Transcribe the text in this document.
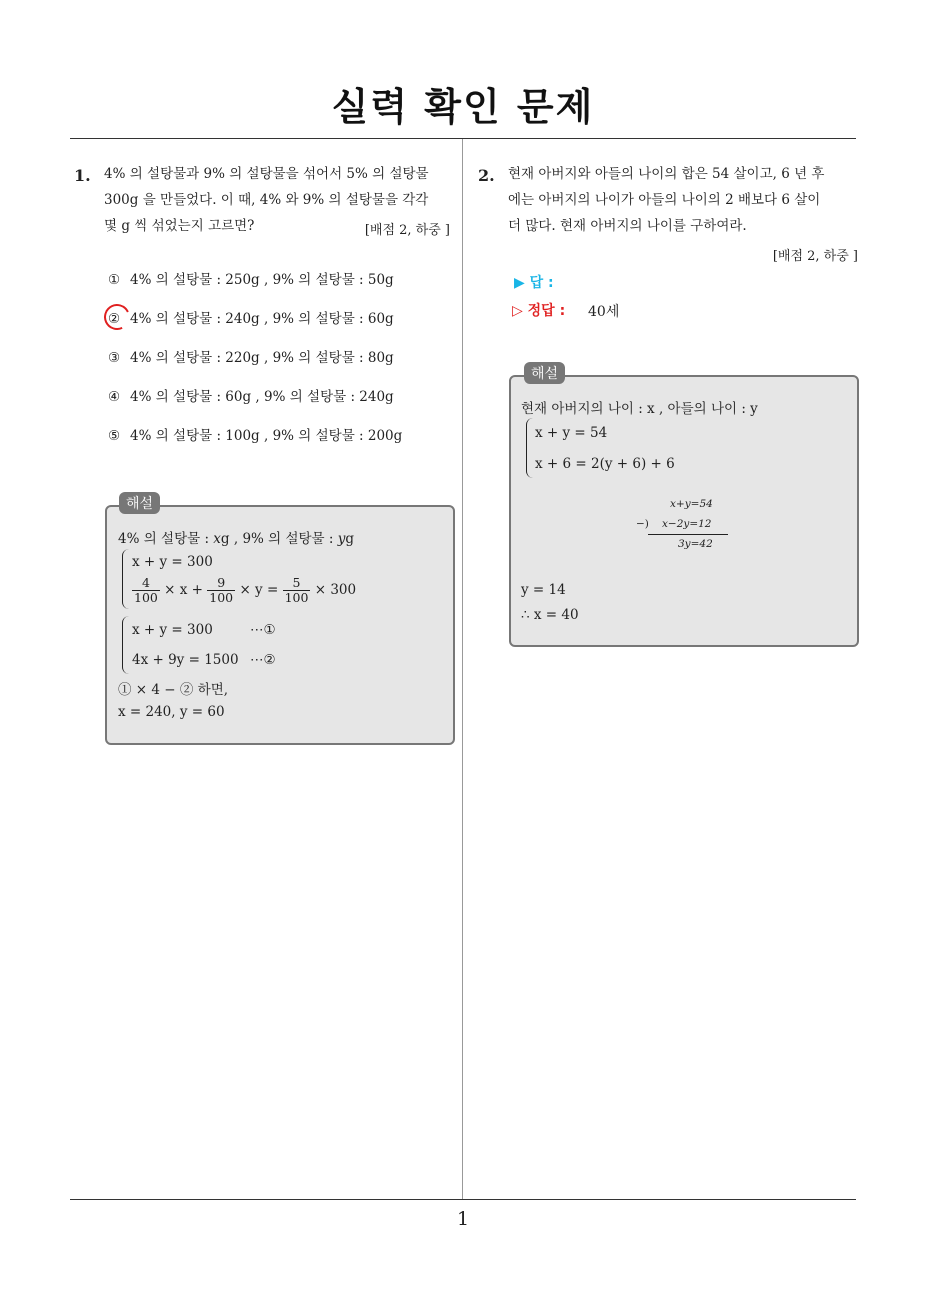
실력 확인 문제
1. 4% 의 설탕물과 9% 의 설탕물을 섞어서 5% 의 설탕물
300g 을 만들었다. 이 때, 4% 와 9% 의 설탕물을 각각
몇 g 씩 섞었는지 고르면?	[배점 2, 하중 ]
① 4% 의 설탕물 : 250g , 9% 의 설탕물 : 50g
② 4% 의 설탕물 : 240g , 9% 의 설탕물 : 60g
③ 4% 의 설탕물 : 220g , 9% 의 설탕물 : 80g
④ 4% 의 설탕물 : 60g , 9% 의 설탕물 : 240g
⑤ 4% 의 설탕물 : 100g , 9% 의 설탕물 : 200g
해설
4% 의 설탕물 : xg , 9% 의 설탕물 : yg
x + y = 300
$\frac{4}{100} \times x + \frac{9}{100} \times y = \frac{5}{100} \times 300$
x + y = 300	⋯①
4x + 9y = 1500 ⋯②
① × 4 − ② 하면,
x = 240, y = 60
2. 현재 아버지와 아들의 나이의 합은 54 살이고, 6 년 후
에는 아버지의 나이가 아들의 나이의 2 배보다 6 살이
더 많다. 현재 아버지의 나이를 구하여라.
[배점 2, 하중 ]
▶ 답 :
▷ 정답 : 40세
해설
현재 아버지의 나이 : x , 아들의 나이 : y
x + y = 54
x + 6 = 2(y + 6) + 6
x+y=54
−) x−2y=12
3y=42
y = 14
∴ x = 40
1
